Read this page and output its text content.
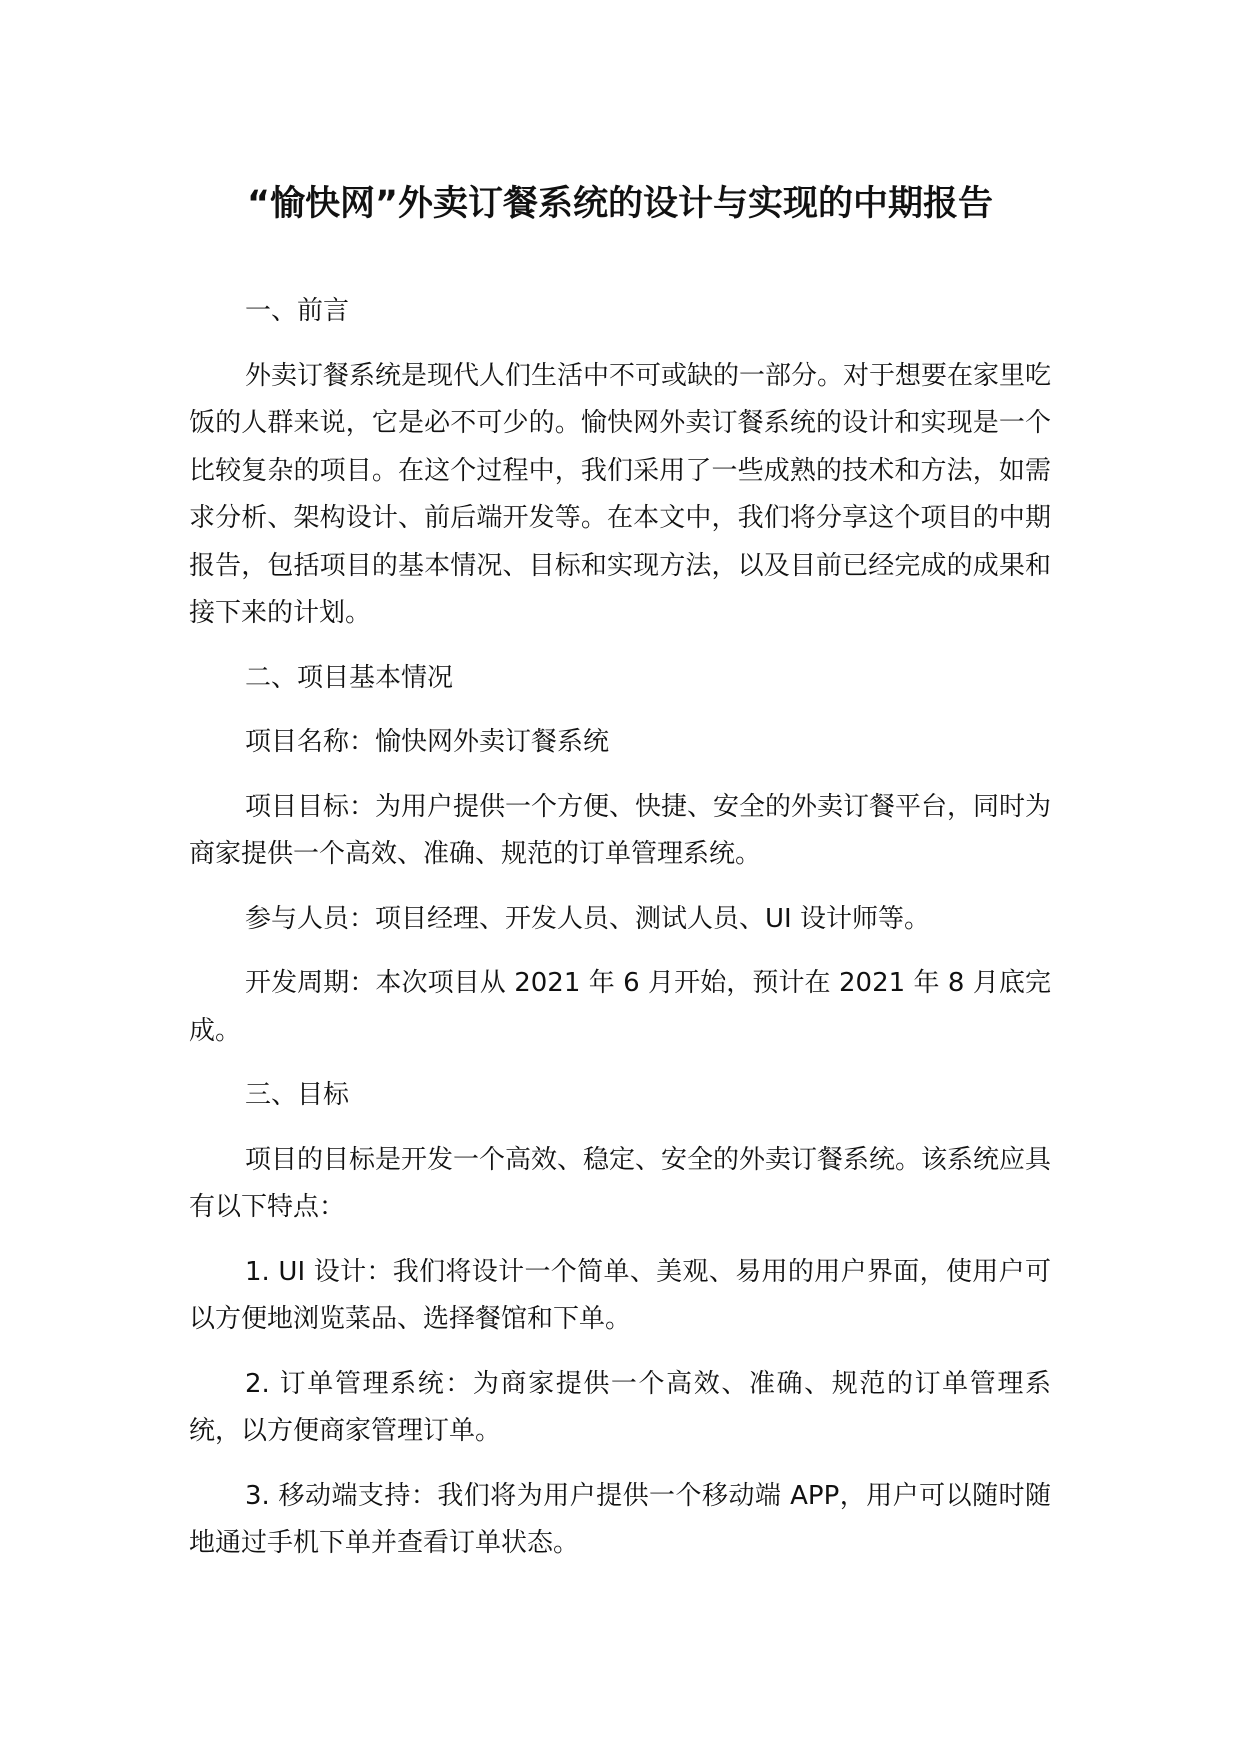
“愉快网”外卖订餐系统的设计与实现的中期报告

一、前言

外卖订餐系统是现代人们生活中不可或缺的一部分。对于想要在家里吃饭的人群来说，它是必不可少的。愉快网外卖订餐系统的设计和实现是一个比较复杂的项目。在这个过程中，我们采用了一些成熟的技术和方法，如需求分析、架构设计、前后端开发等。在本文中，我们将分享这个项目的中期报告，包括项目的基本情况、目标和实现方法，以及目前已经完成的成果和接下来的计划。

二、项目基本情况

项目名称：愉快网外卖订餐系统

项目目标：为用户提供一个方便、快捷、安全的外卖订餐平台，同时为商家提供一个高效、准确、规范的订单管理系统。

参与人员：项目经理、开发人员、测试人员、UI 设计师等。

开发周期：本次项目从 2021 年 6 月开始，预计在 2021 年 8 月底完成。

三、目标

项目的目标是开发一个高效、稳定、安全的外卖订餐系统。该系统应具有以下特点：

1. UI 设计：我们将设计一个简单、美观、易用的用户界面，使用户可以方便地浏览菜品、选择餐馆和下单。

2. 订单管理系统：为商家提供一个高效、准确、规范的订单管理系统，以方便商家管理订单。

3. 移动端支持：我们将为用户提供一个移动端 APP，用户可以随时随地通过手机下单并查看订单状态。
